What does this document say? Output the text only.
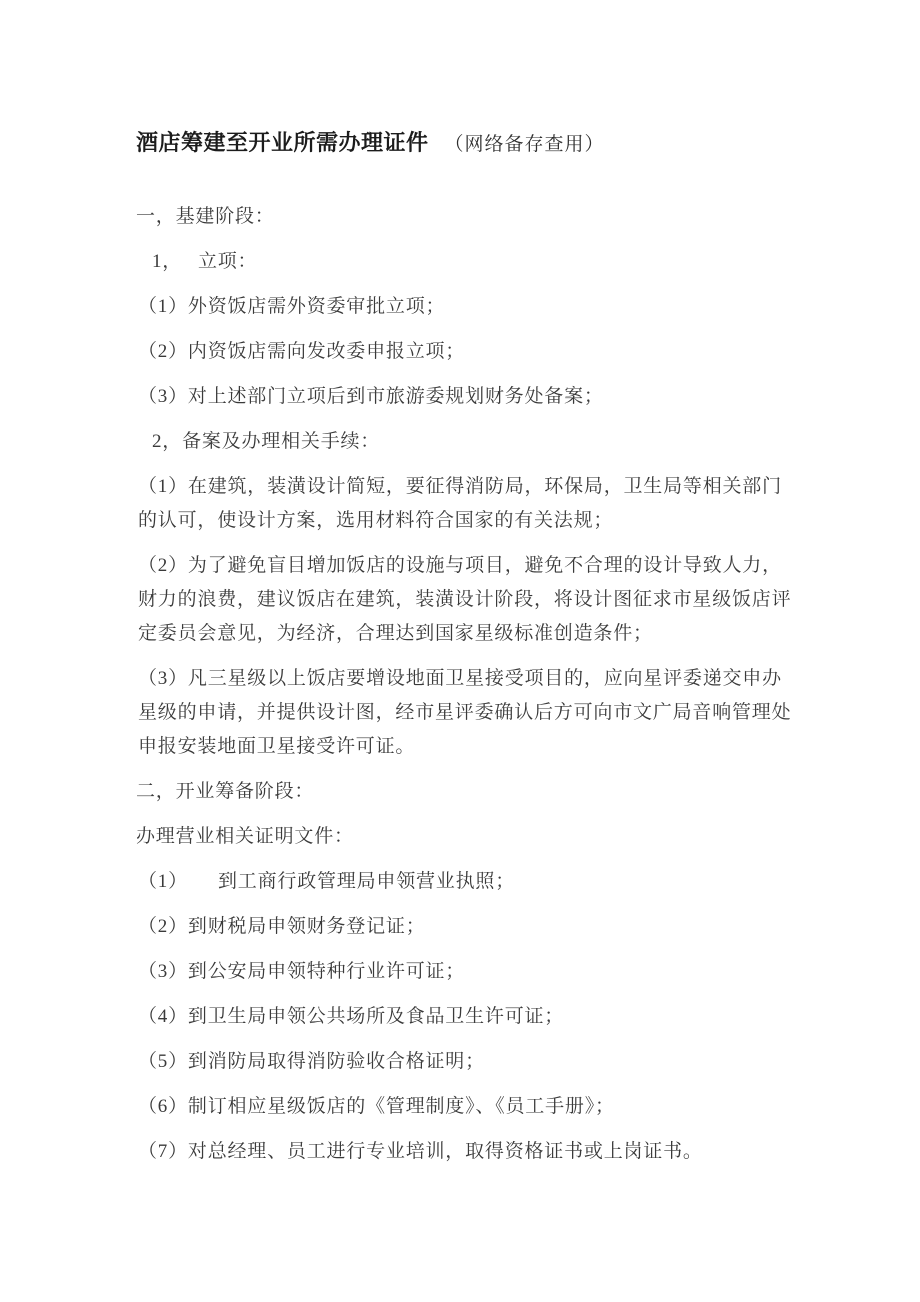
酒店筹建至开业所需办理证件 （网络备存查用）

一，基建阶段：

1，　 立项：

（1）外资饭店需外资委审批立项；

（2）内资饭店需向发改委申报立项；

（3）对上述部门立项后到市旅游委规划财务处备案；

2，备案及办理相关手续：

（1）在建筑，装潢设计简短，要征得消防局，环保局，卫生局等相关部门的认可，使设计方案，选用材料符合国家的有关法规；

（2）为了避免盲目增加饭店的设施与项目，避免不合理的设计导致人力，财力的浪费，建议饭店在建筑，装潢设计阶段，将设计图征求市星级饭店评定委员会意见，为经济，合理达到国家星级标准创造条件；

（3）凡三星级以上饭店要增设地面卫星接受项目的，应向星评委递交申办星级的申请，并提供设计图，经市星评委确认后方可向市文广局音响管理处申报安装地面卫星接受许可证。

二，开业筹备阶段：

办理营业相关证明文件：

（1）　　到工商行政管理局申领营业执照；

（2）到财税局申领财务登记证；

（3）到公安局申领特种行业许可证；

（4）到卫生局申领公共场所及食品卫生许可证；

（5）到消防局取得消防验收合格证明；

（6）制订相应星级饭店的《管理制度》、《员工手册》；

（7）对总经理、员工进行专业培训，取得资格证书或上岗证书。
